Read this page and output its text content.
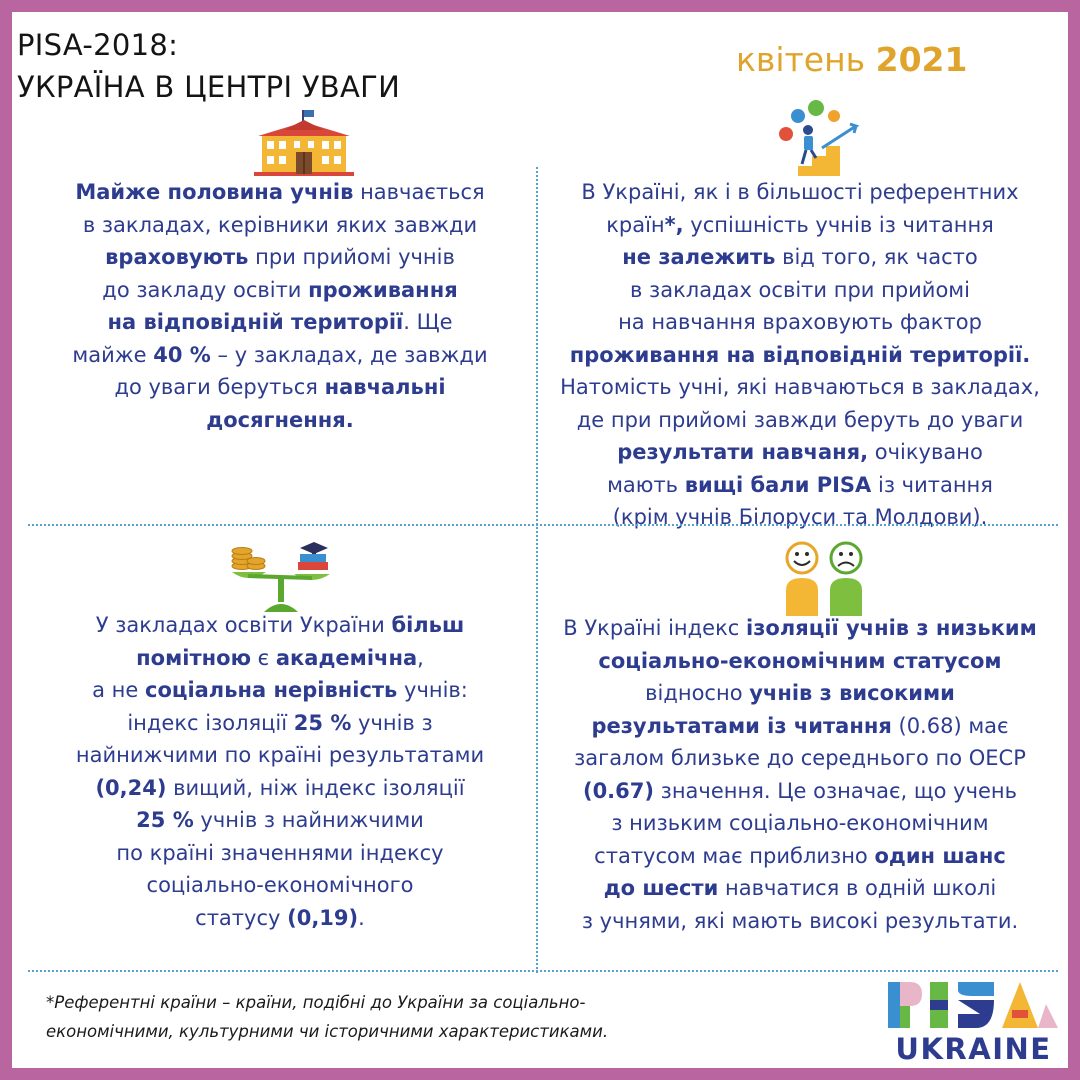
PISA-2018:
УКРАЇНА В ЦЕНТРІ УВАГИ
квітень 2021
Майже половина учнів навчається
в закладах, керівники яких завжди
враховують при прийомі учнів
до закладу освіти проживання
на відповідній території. Ще
майже 40 % – у закладах, де завжди
до уваги беруться навчальні
досягнення.
В Україні, як і в більшості референтних
країн*, успішність учнів із читання
не залежить від того, як часто
в закладах освіти при прийомі
на навчання враховують фактор
проживання на відповідній території.
Натомість учні, які навчаються в закладах,
де при прийомі завжди беруть до уваги
результати навчаня, очікувано
мають вищі бали PISA із читання
(крім учнів Білоруси та Молдови).
У закладах освіти України більш
помітною є академічна,
а не соціальна нерівність учнів:
індекс ізоляції 25 % учнів з
найнижчими по країні результатами
(0,24) вищий, ніж індекс ізоляції
25 % учнів з найнижчими
по країні значеннями індексу
соціально-економічного
статусу (0,19).
В Україні індекс ізоляції учнів з низьким
соціально-економічним статусом
відносно учнів з високими
результатами із читання (0.68) має
загалом близьке до середнього по ОЕСР
(0.67) значення. Це означає, що учень
з низьким соціально-економічним
статусом має приблизно один шанс
до шести навчатися в одній школі
з учнями, які мають високі результати.
*Референтні країни – країни, подібні до України за соціально-
економічними, культурними чи історичними характеристиками.
UKRAINE
